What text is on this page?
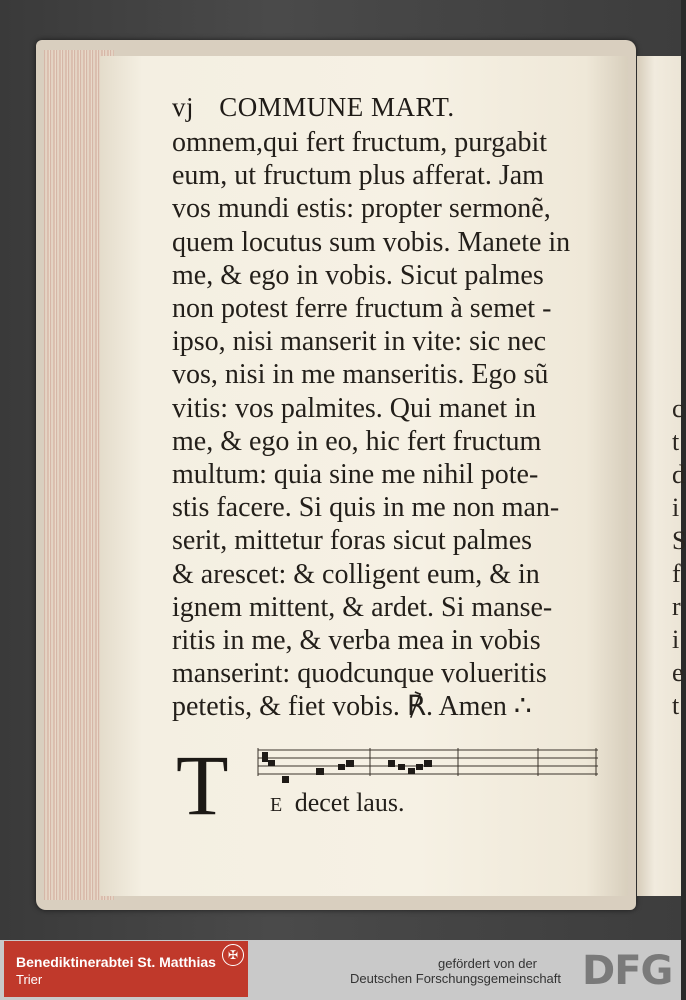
c
t
d
i
S
f
r
i
e
t
vj COMMUNE MART.
omnem,qui fert fructum, purgabit
eum, ut fructum plus afferat. Jam
vos mundi estis: propter sermonẽ,
quem locutus sum vobis. Manete in
me, & ego in vobis. Sicut palmes
non potest ferre fructum à semet -
ipso, nisi manserit in vite: sic nec
vos, nisi in me manseritis. Ego sũ
vitis: vos palmites. Qui manet in
me, & ego in eo, hic fert fructum
multum: quia sine me nihil pote-
stis facere. Si quis in me non man-
serit, mittetur foras sicut palmes
& arescet: & colligent eum, & in
ignem mittent, & ardet. Si manse-
ritis in me, & verba mea in vobis
manserint: quodcunque volueritis
petetis, & fiet vobis. ℟. Amen ∴
T E decet laus.
Benediktinerabtei St. Matthias
Trier
✠
gefördert von der
Deutschen Forschungsgemeinschaft DFG
